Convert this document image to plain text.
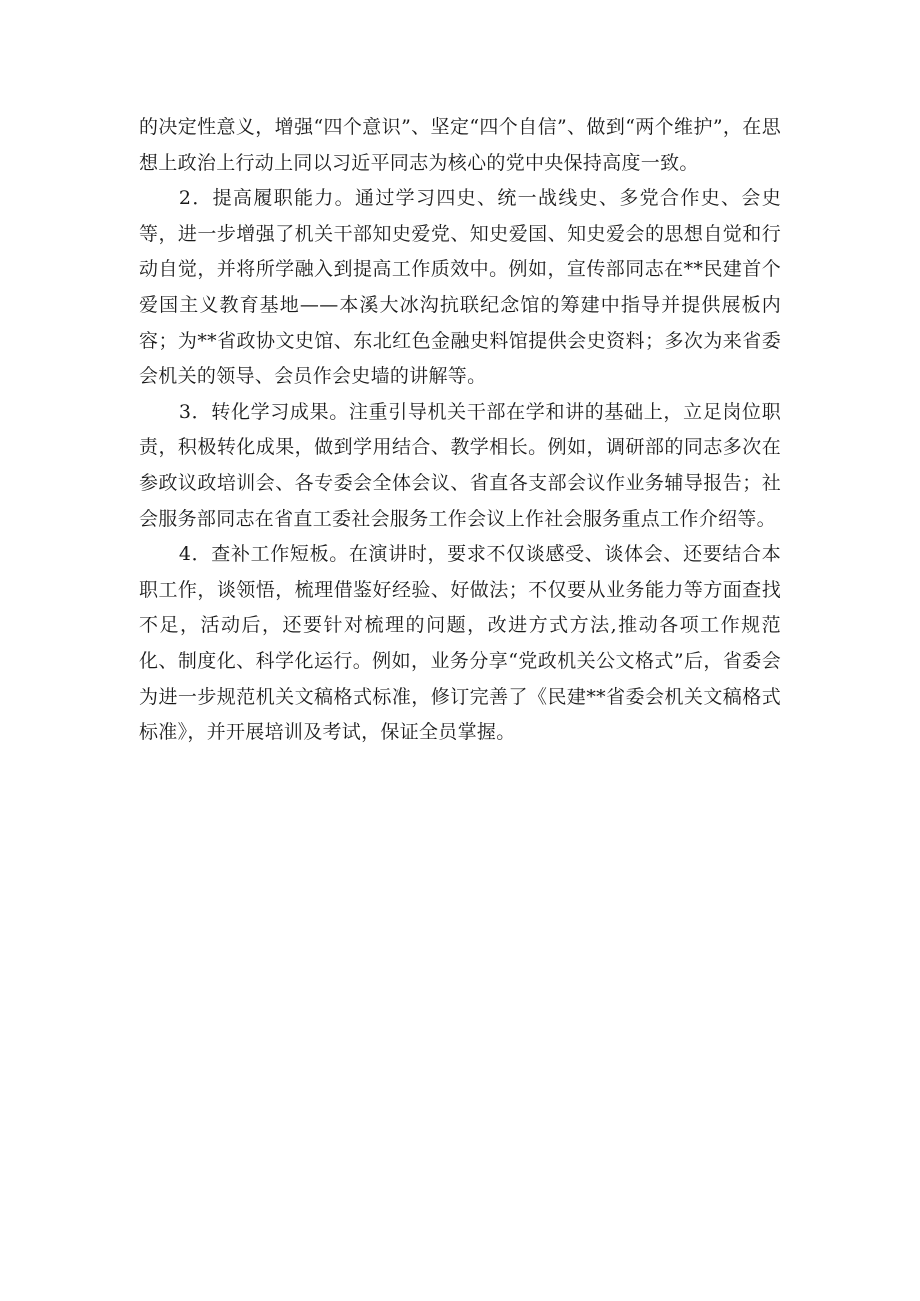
的决定性意义，增强“四个意识”、坚定“四个自信”、做到“两个维护”，在思想上政治上行动上同以习近平同志为核心的党中央保持高度一致。

2．提高履职能力。通过学习四史、统一战线史、多党合作史、会史等，进一步增强了机关干部知史爱党、知史爱国、知史爱会的思想自觉和行动自觉，并将所学融入到提高工作质效中。例如，宣传部同志在**民建首个爱国主义教育基地——本溪大冰沟抗联纪念馆的筹建中指导并提供展板内容；为**省政协文史馆、东北红色金融史料馆提供会史资料；多次为来省委会机关的领导、会员作会史墙的讲解等。

3．转化学习成果。注重引导机关干部在学和讲的基础上，立足岗位职责，积极转化成果，做到学用结合、教学相长。例如，调研部的同志多次在参政议政培训会、各专委会全体会议、省直各支部会议作业务辅导报告；社会服务部同志在省直工委社会服务工作会议上作社会服务重点工作介绍等。

4．查补工作短板。在演讲时，要求不仅谈感受、谈体会、还要结合本职工作，谈领悟，梳理借鉴好经验、好做法；不仅要从业务能力等方面查找不足，活动后，还要针对梳理的问题，改进方式方法,推动各项工作规范化、制度化、科学化运行。例如，业务分享“党政机关公文格式”后，省委会为进一步规范机关文稿格式标准，修订完善了《民建**省委会机关文稿格式标准》，并开展培训及考试，保证全员掌握。
